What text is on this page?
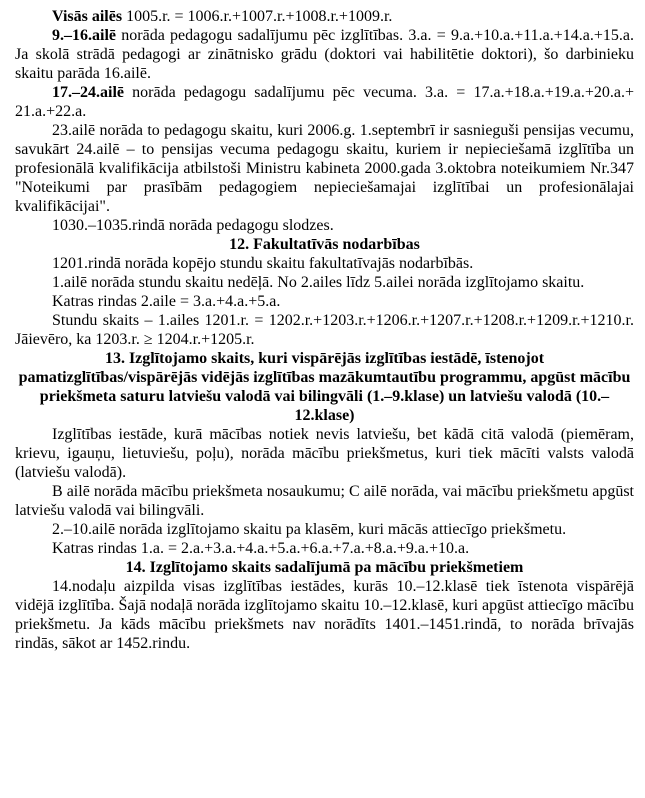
Visās ailēs 1005.r. = 1006.r.+1007.r.+1008.r.+1009.r.

9.–16.ailē norāda pedagogu sadalījumu pēc izglītības. 3.a. = 9.a.+​10.a.+​11.a.+​14.a.+​15.a. Ja skolā strādā pedagogi ar zinātnisko grādu (doktori vai habilitētie doktori), šo darbinieku skaitu parāda 16.ailē.

17.–24.ailē norāda pedagogu sadalījumu pēc vecuma. 3.a. = 17.a.+​18.a.+​19.a.+​20.a.+​21.a.+​22.a.

23.ailē norāda to pedagogu skaitu, kuri 2006.g. 1.septembrī ir sasnieguši pensijas vecumu, savukārt 24.ailē – to pensijas vecuma pedagogu skaitu, kuriem ir nepieciešamā izglītība un profesionālā kvalifikācija atbilstoši Ministru kabineta 2000.gada 3.oktobra noteikumiem Nr.347 "Noteikumi par prasībām pedagogiem nepieciešamajai izglītībai un profesionālajai kvalifikācijai".

1030.–1035.rindā norāda pedagogu slodzes.

12. Fakultatīvās nodarbības

1201.rindā norāda kopējo stundu skaitu fakultatīvajās nodarbībās.

1.ailē norāda stundu skaitu nedēļā. No 2.ailes līdz 5.ailei norāda izglītojamo skaitu.

Katras rindas 2.aile = 3.a.+4.a.+5.a.

Stundu skaits – 1.ailes 1201.r. = 1202.r.+​1203.r.+​1206.r.+​1207.r.+​1208.r.+​1209.r.+​1210.r. Jāievēro, ka 1203.r. ≥ 1204.r.+1205.r.

13. Izglītojamo skaits, kuri vispārējās izglītības iestādē, īstenojot pamatizglītības/vispārējās vidējās izglītības mazākumtautību programmu, apgūst mācību priekšmeta saturu latviešu valodā vai bilingvāli (1.–9.klase) un latviešu valodā (10.–12.klase)

Izglītības iestāde, kurā mācības notiek nevis latviešu, bet kādā citā valodā (piemēram, krievu, igauņu, lietuviešu, poļu), norāda mācību priekšmetus, kuri tiek mācīti valsts valodā (latviešu valodā).

B ailē norāda mācību priekšmeta nosaukumu; C ailē norāda, vai mācību priekšmetu apgūst latviešu valodā vai bilingvāli.

2.–10.ailē norāda izglītojamo skaitu pa klasēm, kuri mācās attiecīgo priekšmetu.

Katras rindas 1.a. = 2.a.+​3.a.+​4.a.+​5.a.+​6.a.+​7.a.+​8.a.+​9.a.+​10.a.

14. Izglītojamo skaits sadalījumā pa mācību priekšmetiem

14.nodaļu aizpilda visas izglītības iestādes, kurās 10.–12.klasē tiek īstenota vispārējā vidējā izglītība. Šajā nodaļā norāda izglītojamo skaitu 10.–12.klasē, kuri apgūst attiecīgo mācību priekšmetu. Ja kāds mācību priekšmets nav norādīts 1401.–1451.rindā, to norāda brīvajās rindās, sākot ar 1452.rindu.
